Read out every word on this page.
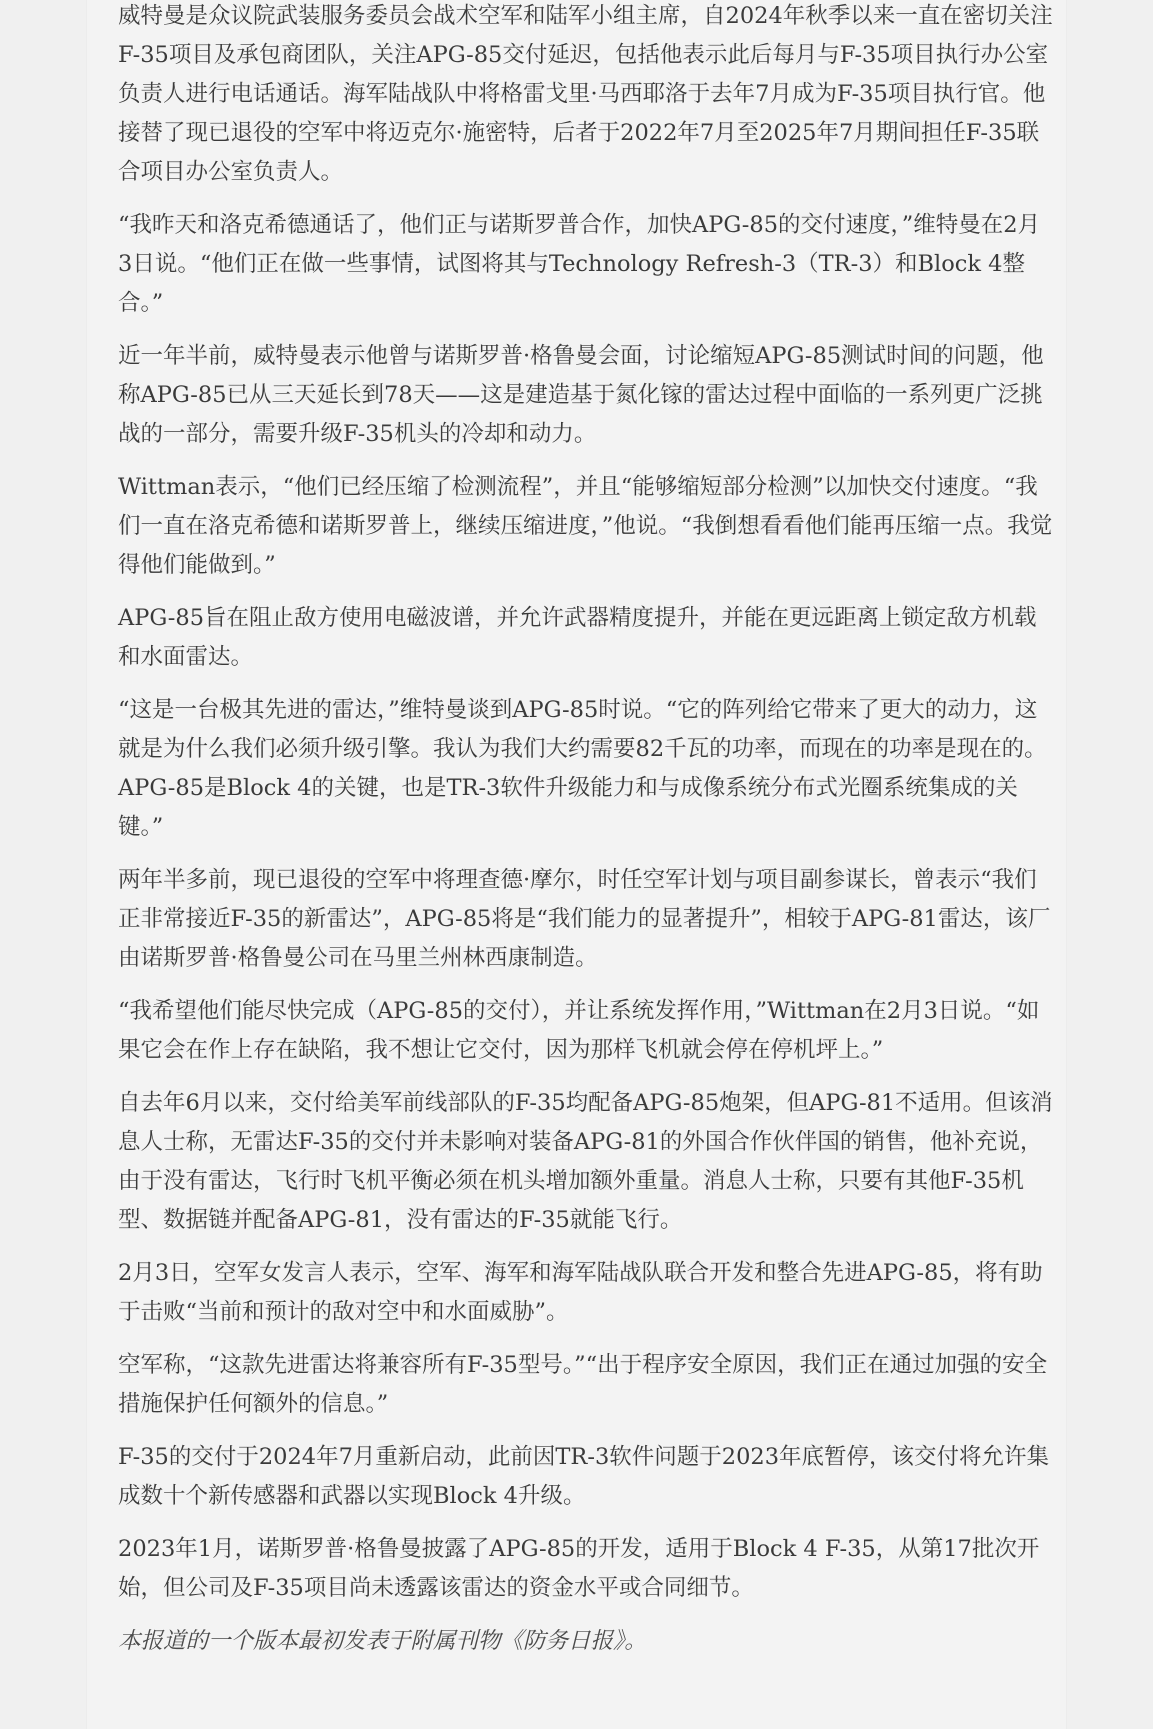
威特曼是众议院武装服务委员会战术空军和陆军小组主席，自2024年秋季以来一直在密切关注F-35项目及承包商团队，关注APG-85交付延迟，包括他表示此后每月与F-35项目执行办公室负责人进行电话通话。海军陆战队中将格雷戈里·马西耶洛于去年7月成为F-35项目执行官。他接替了现已退役的空军中将迈克尔·施密特，后者于2022年7月至2025年7月期间担任F-35联合项目办公室负责人。

“我昨天和洛克希德通话了，他们正与诺斯罗普合作，加快APG-85的交付速度，”维特曼在2月3日说。“他们正在做一些事情，试图将其与Technology Refresh-3（TR-3）和Block 4整合。”

近一年半前，威特曼表示他曾与诺斯罗普·格鲁曼会面，讨论缩短APG-85测试时间的问题，他称APG-85已从三天延长到78天——这是建造基于氮化镓的雷达过程中面临的一系列更广泛挑战的一部分，需要升级F-35机头的冷却和动力。

Wittman表示，“他们已经压缩了检测流程”，并且“能够缩短部分检测”以加快交付速度。“我们一直在洛克希德和诺斯罗普上，继续压缩进度，”他说。“我倒想看看他们能再压缩一点。我觉得他们能做到。”

APG-85旨在阻止敌方使用电磁波谱，并允许武器精度提升，并能在更远距离上锁定敌方机载和水面雷达。

“这是一台极其先进的雷达，”维特曼谈到APG-85时说。“它的阵列给它带来了更大的动力，这就是为什么我们必须升级引擎。我认为我们大约需要82千瓦的功率，而现在的功率是现在的。APG-85是Block 4的关键，也是TR-3软件升级能力和与成像系统分布式光圈系统集成的关键。”

两年半多前，现已退役的空军中将理查德·摩尔，时任空军计划与项目副参谋长，曾表示“我们正非常接近F-35的新雷达”，APG-85将是“我们能力的显著提升”，相较于APG-81雷达，该厂由诺斯罗普·格鲁曼公司在马里兰州林西康制造。

“我希望他们能尽快完成（APG-85的交付），并让系统发挥作用，”Wittman在2月3日说。“如果它会在作上存在缺陷，我不想让它交付，因为那样飞机就会停在停机坪上。”

自去年6月以来，交付给美军前线部队的F-35均配备APG-85炮架，但APG-81不适用。但该消息人士称，无雷达F-35的交付并未影响对装备APG-81的外国合作伙伴国的销售，他补充说，由于没有雷达，飞行时飞机平衡必须在机头增加额外重量。消息人士称，只要有其他F-35机型、数据链并配备APG-81，没有雷达的F-35就能飞行。

2月3日，空军女发言人表示，空军、海军和海军陆战队联合开发和整合先进APG-85，将有助于击败“当前和预计的敌对空中和水面威胁”。

空军称，“这款先进雷达将兼容所有F-35型号。”“出于程序安全原因，我们正在通过加强的安全措施保护任何额外的信息。”

F-35的交付于2024年7月重新启动，此前因TR-3软件问题于2023年底暂停，该交付将允许集成数十个新传感器和武器以实现Block 4升级。

2023年1月，诺斯罗普·格鲁曼披露了APG-85的开发，适用于Block 4 F-35，从第17批次开始，但公司及F-35项目尚未透露该雷达的资金水平或合同细节。

本报道的一个版本最初发表于附属刊物《防务日报》。
